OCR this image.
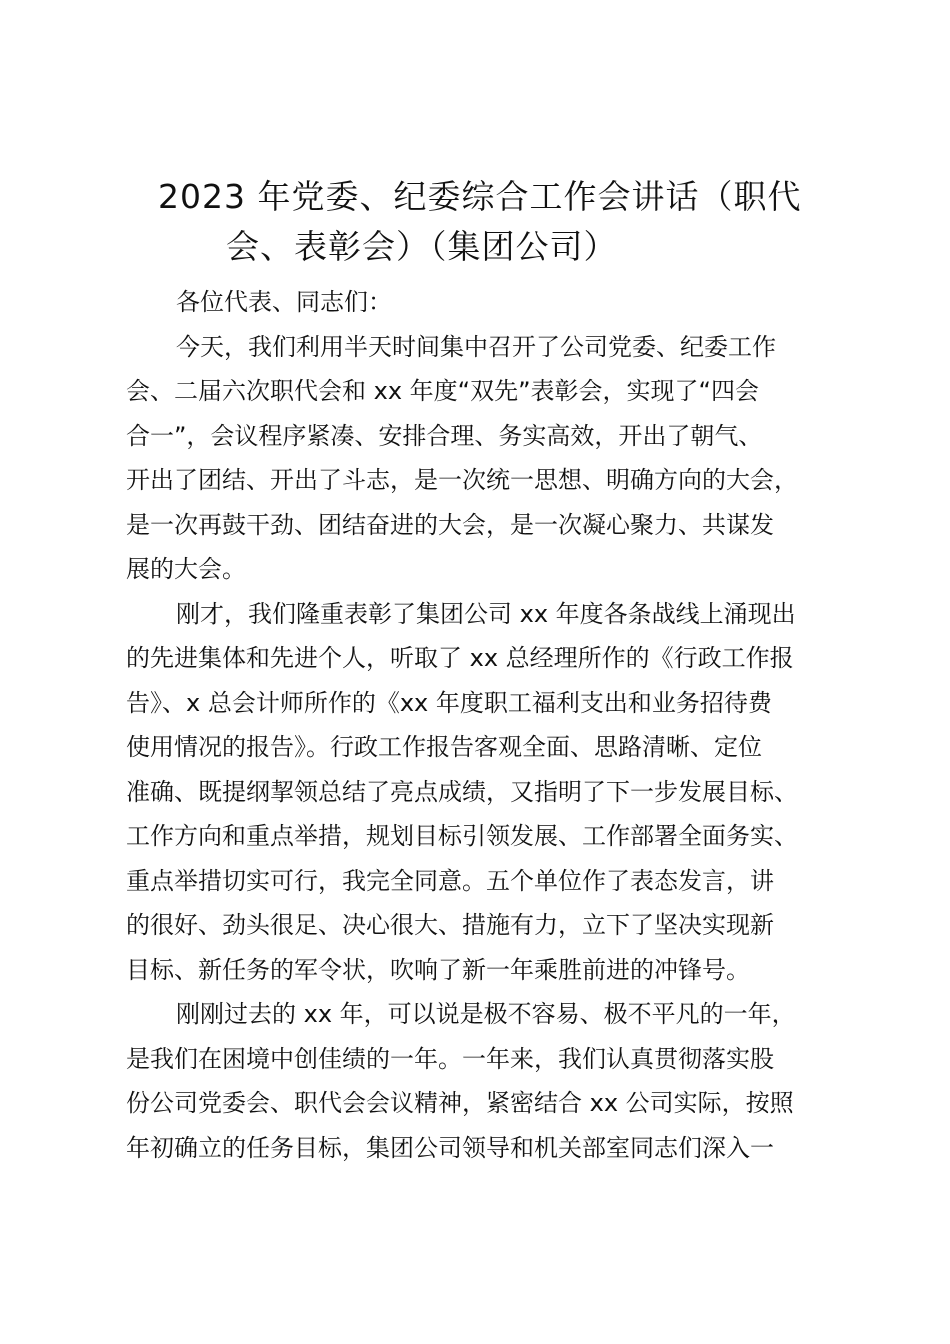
2023 年党委、纪委综合工作会讲话（职代
会、表彰会）（集团公司）
各位代表、同志们：
今天，我们利用半天时间集中召开了公司党委、纪委工作
会、二届六次职代会和 xx 年度“双先”表彰会，实现了“四会
合一”，会议程序紧凑、安排合理、务实高效，开出了朝气、
开出了团结、开出了斗志，是一次统一思想、明确方向的大会，
是一次再鼓干劲、团结奋进的大会，是一次凝心聚力、共谋发
展的大会。
刚才，我们隆重表彰了集团公司 xx 年度各条战线上涌现出
的先进集体和先进个人，听取了 xx 总经理所作的《行政工作报
告》、x 总会计师所作的《xx 年度职工福利支出和业务招待费
使用情况的报告》。行政工作报告客观全面、思路清晰、定位
准确、既提纲挈领总结了亮点成绩，又指明了下一步发展目标、
工作方向和重点举措，规划目标引领发展、工作部署全面务实、
重点举措切实可行，我完全同意。五个单位作了表态发言，讲
的很好、劲头很足、决心很大、措施有力，立下了坚决实现新
目标、新任务的军令状，吹响了新一年乘胜前进的冲锋号。
刚刚过去的 xx 年，可以说是极不容易、极不平凡的一年，
是我们在困境中创佳绩的一年。一年来，我们认真贯彻落实股
份公司党委会、职代会会议精神，紧密结合 xx 公司实际，按照
年初确立的任务目标，集团公司领导和机关部室同志们深入一
